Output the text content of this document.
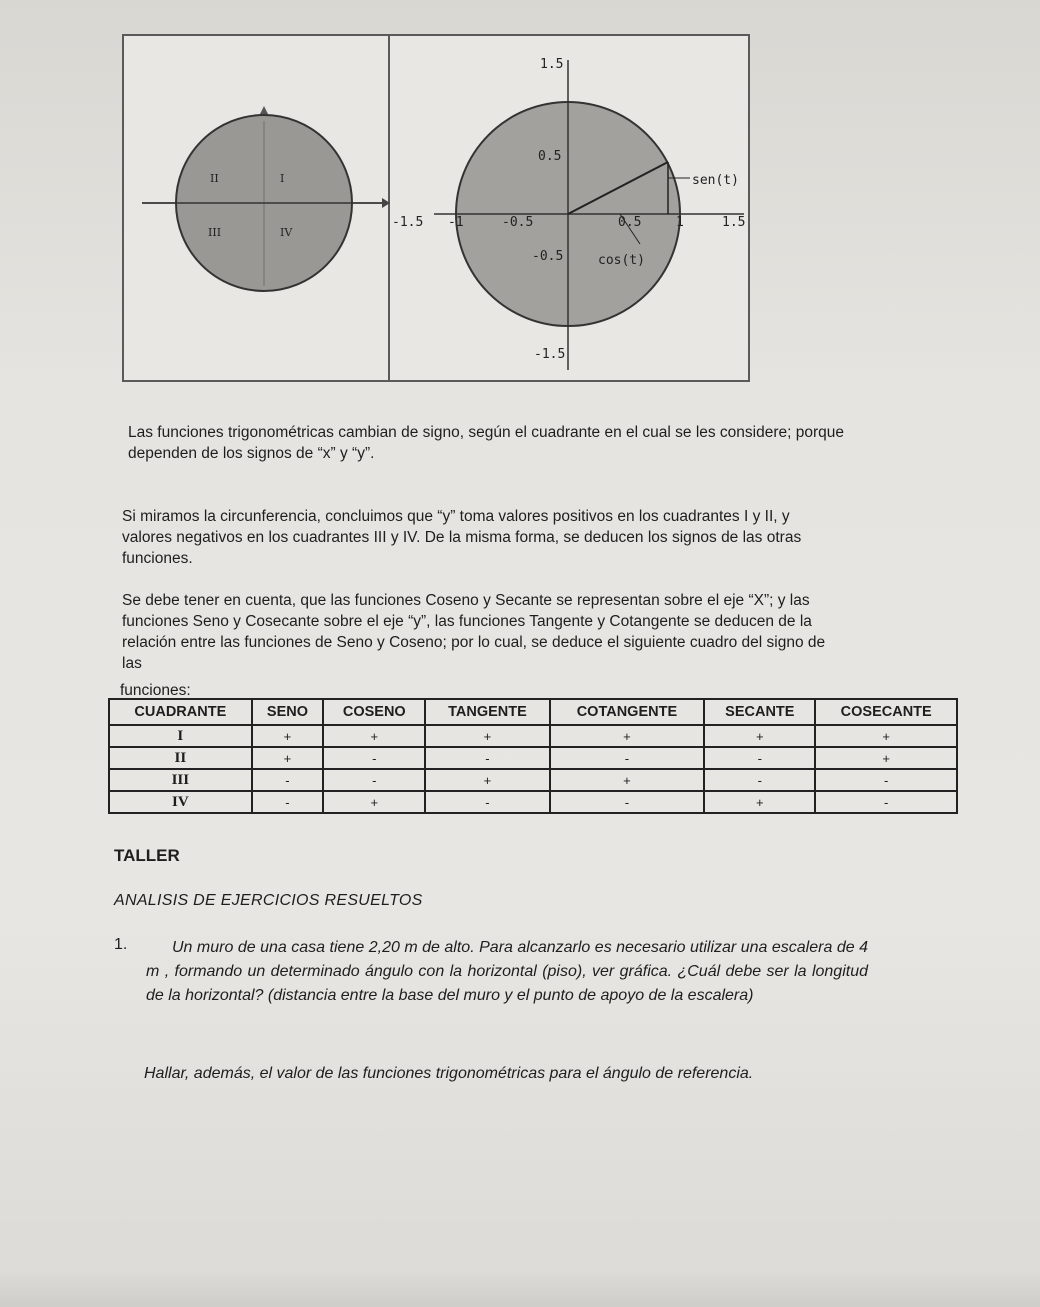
II	I
III	IV
1.5
0.5
-0.5
-1.5
-1.5 -1	-0.5	0.5	1	1.5
sen(t)
cos(t)

Las funciones trigonométricas cambian de signo, según el cuadrante en el cual se les considere; porque dependen de los signos de “x” y “y”.

Si miramos la circunferencia, concluimos que “y” toma valores positivos en los cuadrantes I y II, y valores negativos en los cuadrantes III y IV. De la misma forma, se deducen los signos de las otras funciones.

Se debe tener en cuenta, que las funciones Coseno y Secante se representan sobre el eje “X”; y las funciones Seno y Cosecante sobre el eje “y”, las funciones Tangente y Cotangente se deducen de la relación entre las funciones de Seno y Coseno; por lo cual, se deduce el siguiente cuadro del signo de las

funciones:
CUADRANTE	SENO	COSENO	TANGENTE	COTANGENTE	SECANTE	COSECANTE
I	+	+	+	+	+	+
II	+	-	-	-	-	+
III	-	-	+	+	-	-
IV	-	+	-	-	+	-

TALLER

ANALISIS DE EJERCICIOS RESUELTOS

1.	Un muro de una casa tiene 2,20 m de alto. Para alcanzarlo es necesario utilizar una escalera de 4 m , formando un determinado ángulo con la horizontal (piso), ver gráfica. ¿Cuál debe ser la longitud de la horizontal? (distancia entre la base del muro y el punto de apoyo de la escalera)

Hallar, además, el valor de las funciones trigonométricas para el ángulo de referencia.
